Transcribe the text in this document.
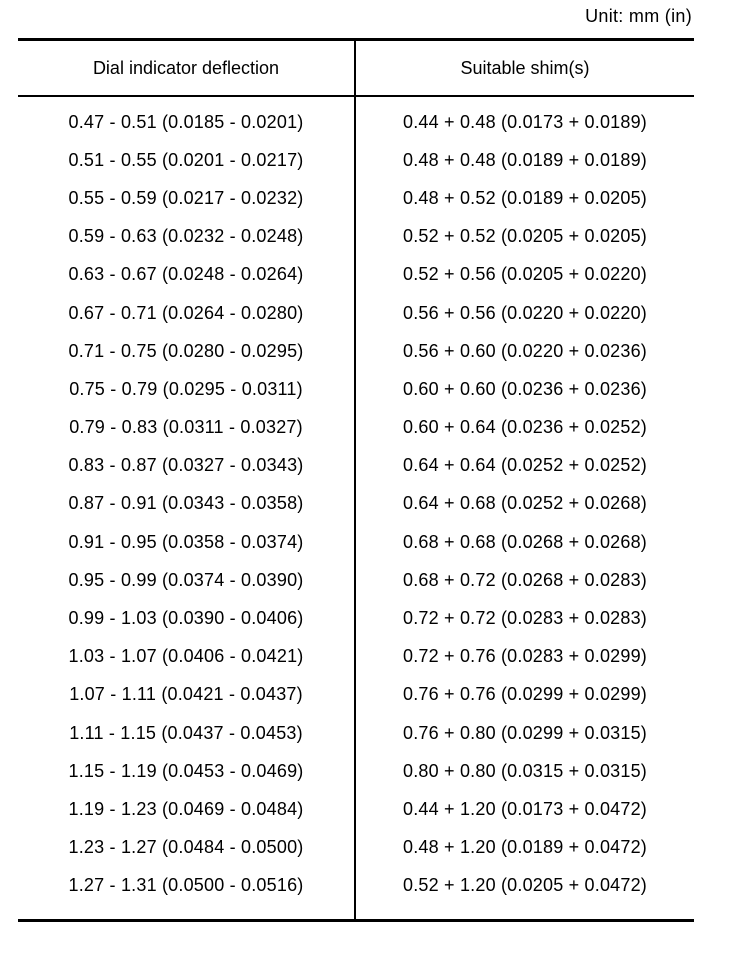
Unit: mm (in)
Dial indicator deflection	Suitable shim(s)
0.47 - 0.51 (0.0185 - 0.0201)	0.44 + 0.48 (0.0173 + 0.0189)
0.51 - 0.55 (0.0201 - 0.0217)	0.48 + 0.48 (0.0189 + 0.0189)
0.55 - 0.59 (0.0217 - 0.0232)	0.48 + 0.52 (0.0189 + 0.0205)
0.59 - 0.63 (0.0232 - 0.0248)	0.52 + 0.52 (0.0205 + 0.0205)
0.63 - 0.67 (0.0248 - 0.0264)	0.52 + 0.56 (0.0205 + 0.0220)
0.67 - 0.71 (0.0264 - 0.0280)	0.56 + 0.56 (0.0220 + 0.0220)
0.71 - 0.75 (0.0280 - 0.0295)	0.56 + 0.60 (0.0220 + 0.0236)
0.75 - 0.79 (0.0295 - 0.0311)	0.60 + 0.60 (0.0236 + 0.0236)
0.79 - 0.83 (0.0311 - 0.0327)	0.60 + 0.64 (0.0236 + 0.0252)
0.83 - 0.87 (0.0327 - 0.0343)	0.64 + 0.64 (0.0252 + 0.0252)
0.87 - 0.91 (0.0343 - 0.0358)	0.64 + 0.68 (0.0252 + 0.0268)
0.91 - 0.95 (0.0358 - 0.0374)	0.68 + 0.68 (0.0268 + 0.0268)
0.95 - 0.99 (0.0374 - 0.0390)	0.68 + 0.72 (0.0268 + 0.0283)
0.99 - 1.03 (0.0390 - 0.0406)	0.72 + 0.72 (0.0283 + 0.0283)
1.03 - 1.07 (0.0406 - 0.0421)	0.72 + 0.76 (0.0283 + 0.0299)
1.07 - 1.11 (0.0421 - 0.0437)	0.76 + 0.76 (0.0299 + 0.0299)
1.11 - 1.15 (0.0437 - 0.0453)	0.76 + 0.80 (0.0299 + 0.0315)
1.15 - 1.19 (0.0453 - 0.0469)	0.80 + 0.80 (0.0315 + 0.0315)
1.19 - 1.23 (0.0469 - 0.0484)	0.44 + 1.20 (0.0173 + 0.0472)
1.23 - 1.27 (0.0484 - 0.0500)	0.48 + 1.20 (0.0189 + 0.0472)
1.27 - 1.31 (0.0500 - 0.0516)	0.52 + 1.20 (0.0205 + 0.0472)
